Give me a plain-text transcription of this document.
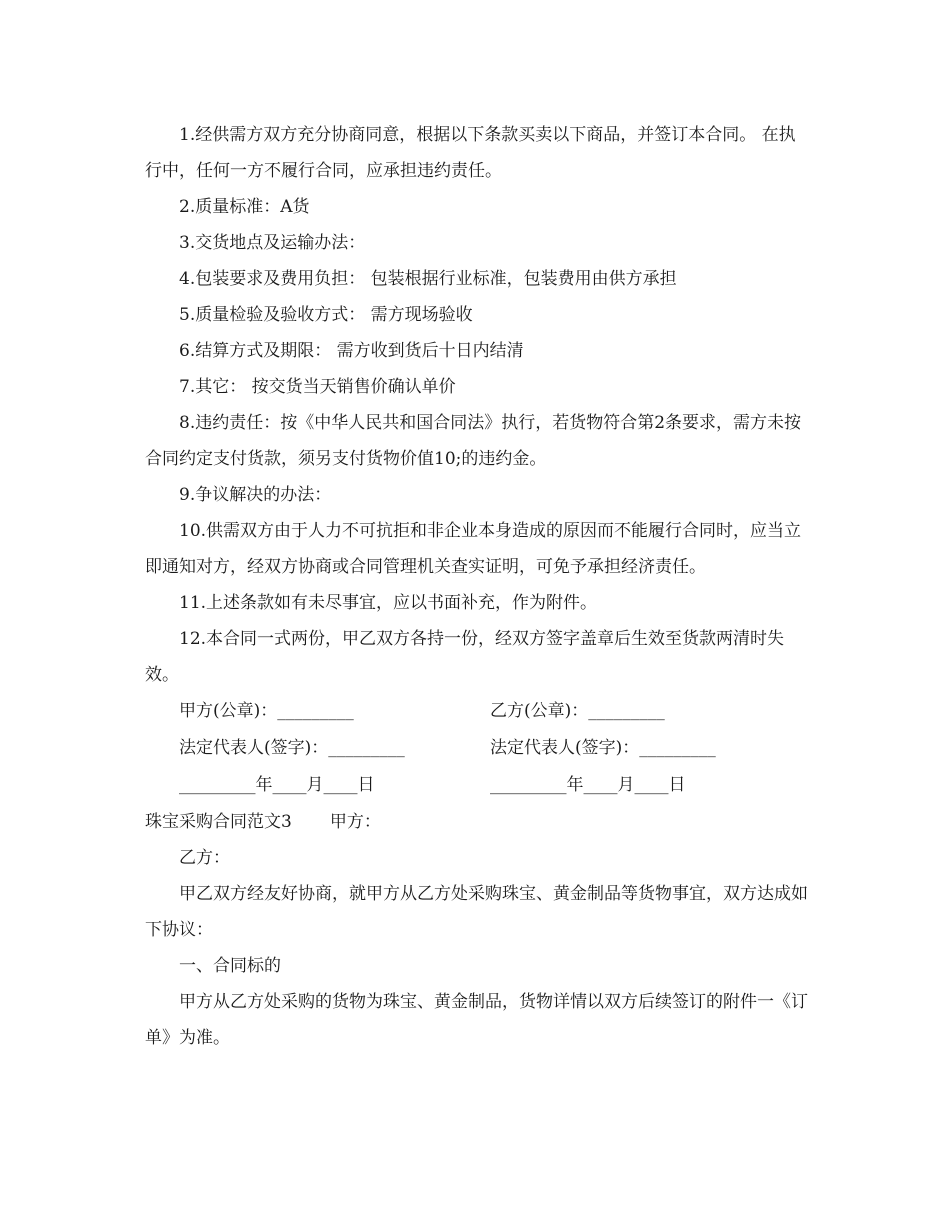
1.经供需方双方充分协商同意，根据以下条款买卖以下商品，并签订本合同。 在执行中，任何一方不履行合同，应承担违约责任。

2.质量标准：A货

3.交货地点及运输办法：

4.包装要求及费用负担： 包装根据行业标准，包装费用由供方承担

5.质量检验及验收方式： 需方现场验收

6.结算方式及期限： 需方收到货后十日内结清

7.其它： 按交货当天销售价确认单价

8.违约责任：按《中华人民共和国合同法》执行，若货物符合第2条要求，需方未按合同约定支付货款，须另支付货物价值10;的违约金。

9.争议解决的办法：

10.供需双方由于人力不可抗拒和非企业本身造成的原因而不能履行合同时，应当立即通知对方，经双方协商或合同管理机关查实证明，可免予承担经济责任。

11.上述条款如有未尽事宜，应以书面补充，作为附件。

12.本合同一式两份，甲乙双方各持一份，经双方签字盖章后生效至货款两清时失效。

甲方(公章)：_________	乙方(公章)：_________
法定代表人(签字)：_________	法定代表人(签字)：_________
_________年____月____日	_________年____月____日
珠宝采购合同范文3 甲方：

乙方：

甲乙双方经友好协商，就甲方从乙方处采购珠宝、黄金制品等货物事宜，双方达成如下协议：

一、合同标的

甲方从乙方处采购的货物为珠宝、黄金制品，货物详情以双方后续签订的附件一《订单》为准。
